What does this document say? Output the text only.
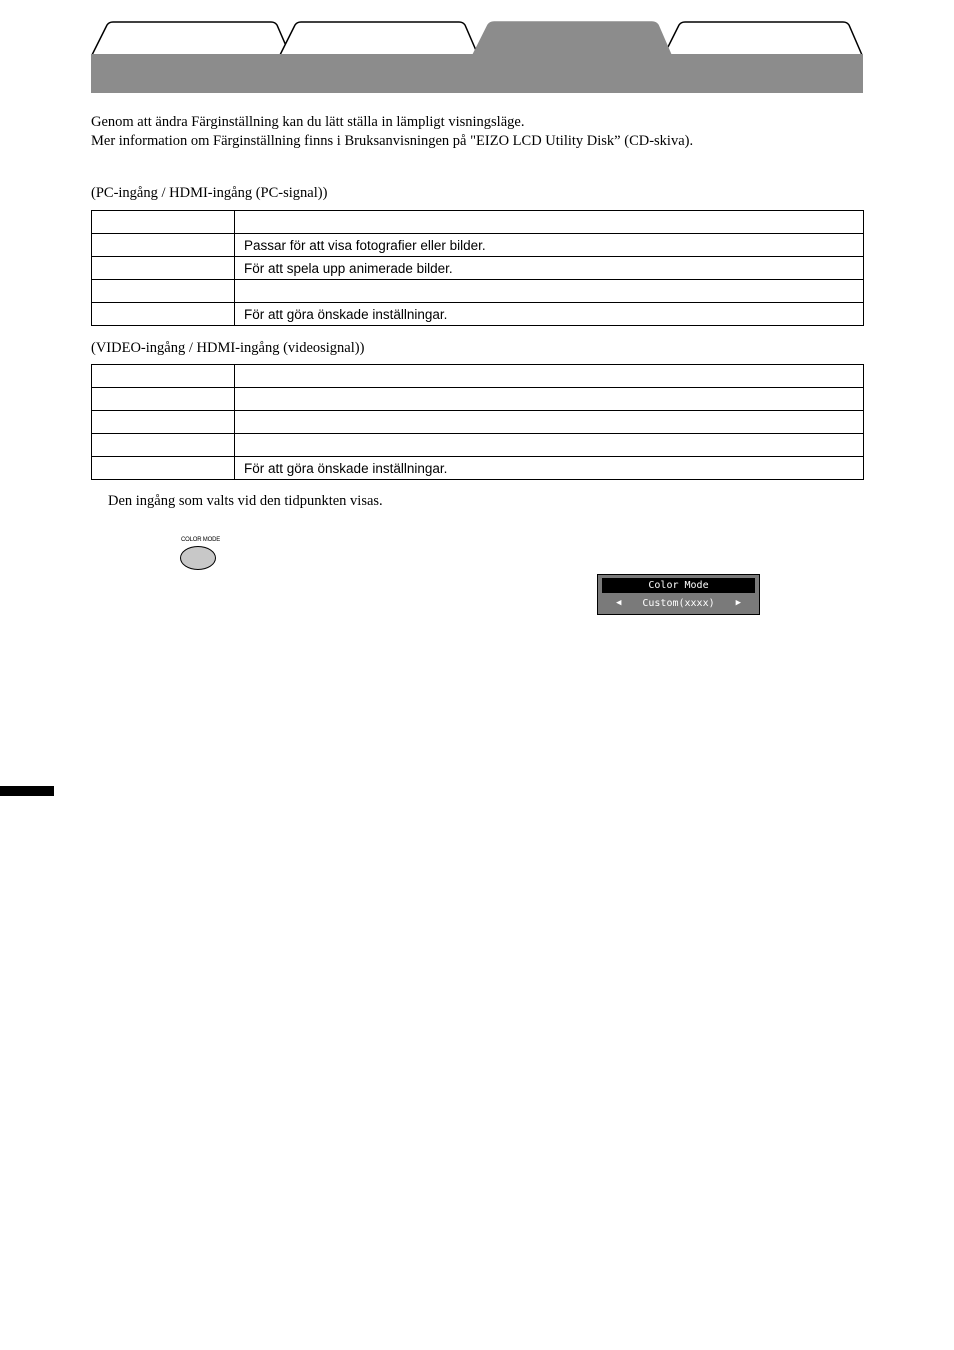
Genom att ändra Färginställning kan du lätt ställa in lämpligt visningsläge.
Mer information om Färginställning finns i Bruksanvisningen på "EIZO LCD Utility Disk” (CD-skiva).
(PC-ingång / HDMI-ingång (PC-signal))

	Passar för att visa fotografier eller bilder.
	För att spela upp animerade bilder.

	För att göra önskade inställningar.
(VIDEO-ingång / HDMI-ingång (videosignal))

	För att göra önskade inställningar.
Den ingång som valts vid den tidpunkten visas.
COLOR MODE
Color Mode
◀ Custom(xxxx) ▶
